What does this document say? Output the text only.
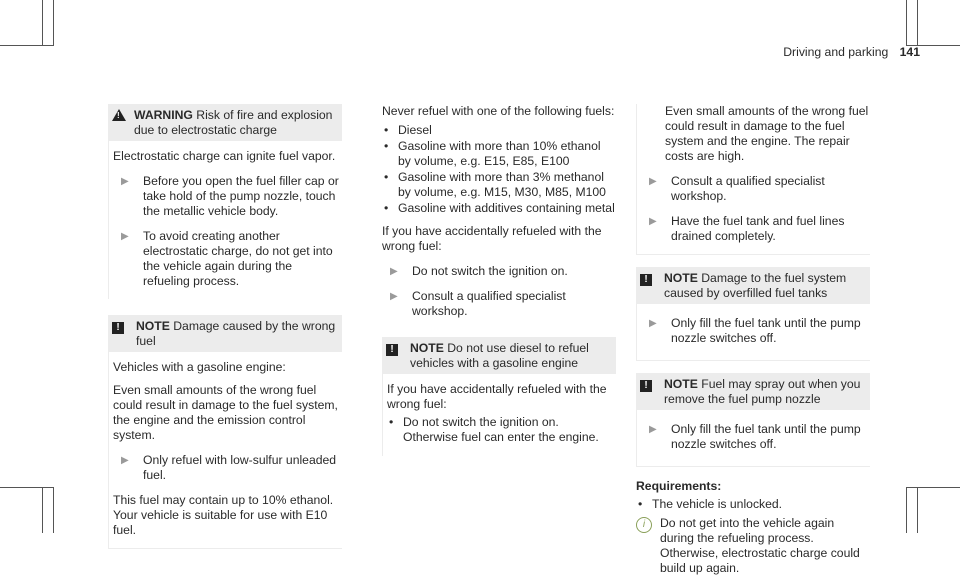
Driving and parking 141
! WARNING Risk of fire and explosion due to electrostatic charge

Electrostatic charge can ignite fuel vapor.

▶	Before you open the fuel filler cap or take hold of the pump nozzle, touch the metallic vehicle body.
▶	To avoid creating another electrostatic charge, do not get into the vehicle again during the refueling process.
!	NOTE Damage caused by the wrong fuel

Vehicles with a gasoline engine:

Even small amounts of the wrong fuel could result in damage to the fuel system, the engine and the emission control system.

▶	Only refuel with low-sulfur unleaded fuel.

This fuel may contain up to 10% ethanol. Your vehicle is suitable for use with E10 fuel.

Never refuel with one of the following fuels:

• Diesel
• Gasoline with more than 10% ethanol by volume, e.g. E15, E85, E100
• Gasoline with more than 3% methanol by volume, e.g. M15, M30, M85, M100
• Gasoline with additives containing metal

If you have accidentally refueled with the wrong fuel:

▶	Do not switch the ignition on.
▶	Consult a qualified specialist workshop.
!	NOTE Do not use diesel to refuel vehicles with a gasoline engine

If you have accidentally refueled with the wrong fuel:

• Do not switch the ignition on. Otherwise fuel can enter the engine.

Even small amounts of the wrong fuel could result in damage to the fuel system and the engine. The repair costs are high.

▶	Consult a qualified specialist workshop.
▶	Have the fuel tank and fuel lines drained completely.
!	NOTE Damage to the fuel system caused by overfilled fuel tanks
▶	Only fill the fuel tank until the pump nozzle switches off.
!	NOTE Fuel may spray out when you remove the fuel pump nozzle
▶	Only fill the fuel tank until the pump nozzle switches off.

Requirements:

• The vehicle is unlocked.
i	Do not get into the vehicle again during the refueling process. Otherwise, electrostatic charge could build up again.
